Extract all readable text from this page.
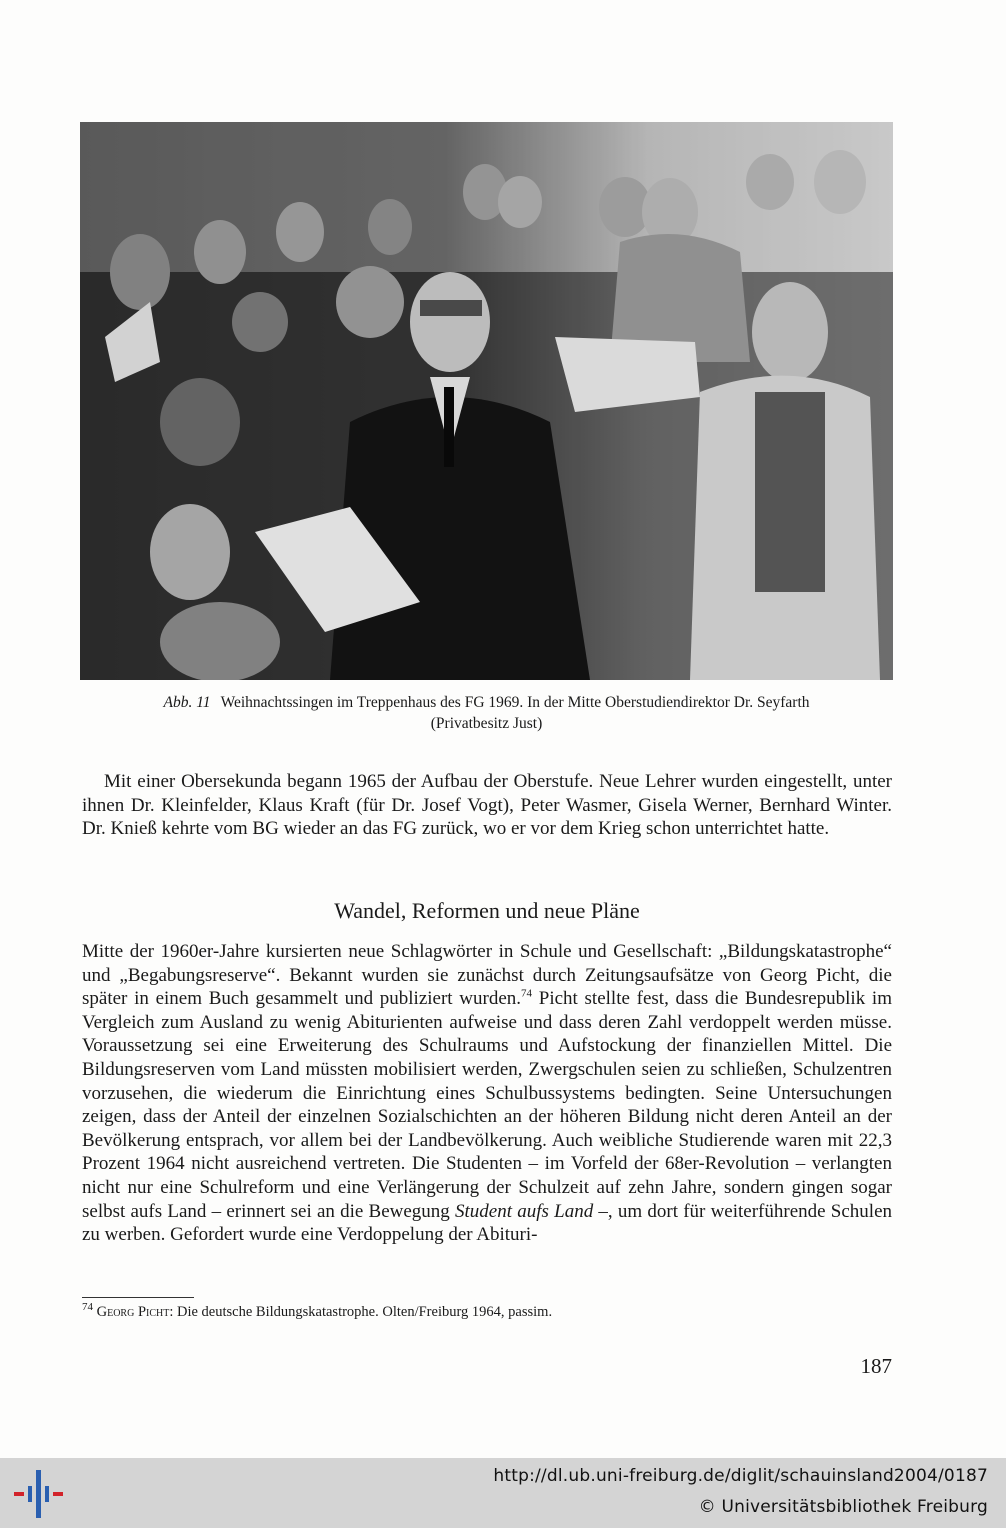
Abb. 11 Weihnachtssingen im Treppenhaus des FG 1969. In der Mitte Oberstudiendirektor Dr. Seyfarth
(Privatbesitz Just)
Mit einer Obersekunda begann 1965 der Aufbau der Oberstufe. Neue Lehrer wurden eingestellt, unter ihnen Dr. Kleinfelder, Klaus Kraft (für Dr. Josef Vogt), Peter Wasmer, Gisela Werner, Bernhard Winter. Dr. Knieß kehrte vom BG wieder an das FG zurück, wo er vor dem Krieg schon unterrichtet hatte.
Wandel, Reformen und neue Pläne
Mitte der 1960er-Jahre kursierten neue Schlagwörter in Schule und Gesellschaft: „Bildungskatastrophe“ und „Begabungsreserve“. Bekannt wurden sie zunächst durch Zeitungsaufsätze von Georg Picht, die später in einem Buch gesammelt und publiziert wurden.$^{74}$ Picht stellte fest, dass die Bundesrepublik im Vergleich zum Ausland zu wenig Abiturienten aufweise und dass deren Zahl verdoppelt werden müsse. Voraussetzung sei eine Erweiterung des Schulraums und Aufstockung der finanziellen Mittel. Die Bildungsreserven vom Land müssten mobilisiert werden, Zwergschulen seien zu schließen, Schulzentren vorzusehen, die wiederum die Einrichtung eines Schulbussystems bedingten. Seine Untersuchungen zeigen, dass der Anteil der einzelnen Sozialschichten an der höheren Bildung nicht deren Anteil an der Bevölkerung entsprach, vor allem bei der Landbevölkerung. Auch weibliche Studierende waren mit 22,3 Prozent 1964 nicht ausreichend vertreten. Die Studenten – im Vorfeld der 68er-Revolution – verlangten nicht nur eine Schulreform und eine Verlängerung der Schulzeit auf zehn Jahre, sondern gingen sogar selbst aufs Land – erinnert sei an die Bewegung Student aufs Land –, um dort für weiterführende Schulen zu werben. Gefordert wurde eine Verdoppelung der Abituri-
$^{74}$ Georg Picht: Die deutsche Bildungskatastrophe. Olten/Freiburg 1964, passim.
187
http://dl.ub.uni-freiburg.de/diglit/schauinsland2004/0187
© Universitätsbibliothek Freiburg
